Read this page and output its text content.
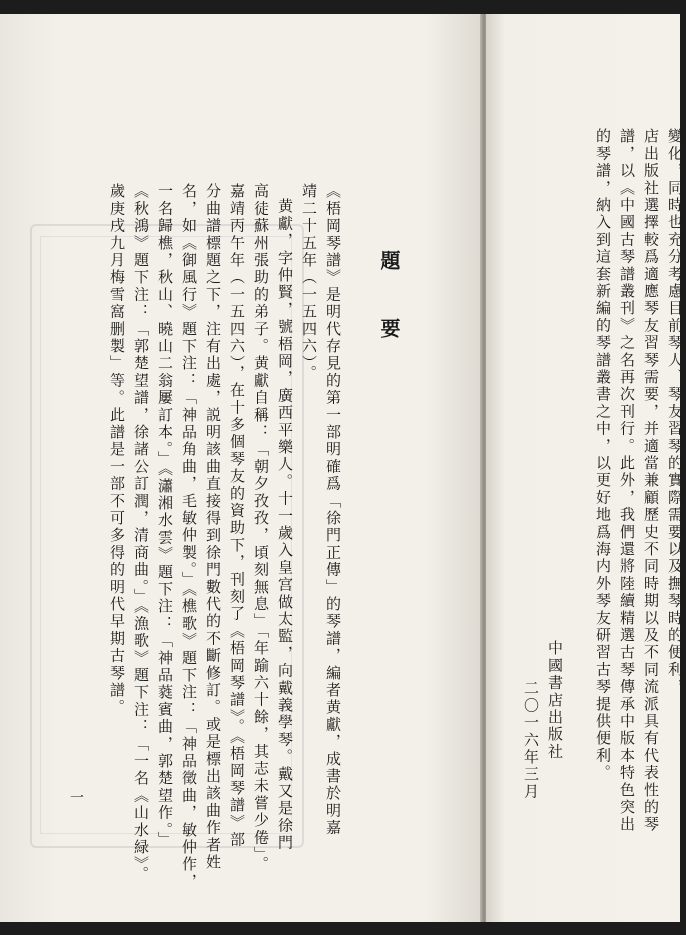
題　要
《梧岡琴譜》是明代存見的第一部明確爲「徐門正傳」的琴譜，編者黄獻，成書於明嘉
靖二十五年（一五四六）。
黄獻，字仲賢，號梧岡，廣西平樂人。十一歲入皇宫做太監，向戴義學琴。戴又是徐門
高徒蘇州張助的弟子。黄獻自稱：「朝夕孜孜，頃刻無息」「年踰六十餘，其志未嘗少倦」。
嘉靖丙午年（一五四六），在十多個琴友的資助下，刊刻了《梧岡琴譜》。《梧岡琴譜》部
分曲譜標題之下，注有出處，説明該曲直接得到徐門數代的不斷修訂。或是標出該曲作者姓
名，如《御風行》題下注：「神品角曲，毛敏仲製。」《樵歌》題下注：「神品徵曲，敏仲作，
一名歸樵，秋山、曉山二翁屢訂本。」《瀟湘水雲》題下注：「神品蕤賓曲，郭楚望作。」
《秋鴻》題下注：「郭楚望譜，徐諸公訂潤，清商曲。」《漁歌》題下注：「一名《山水緑》。
歲庚戌九月梅雪窩删製」等。此譜是一部不可多得的明代早期古琴譜。
一
變化，同時也充分考慮目前琴人、琴友習琴的實際需要以及撫琴時的便利，
店出版社選擇較爲適應琴友習琴需要，并適當兼顧歷史不同時期以及不同流派具有代表性的琴
譜，以《中國古琴譜叢刊》之名再次刊行。此外，我們還將陸續精選古琴傳承中版本特色突出
的琴譜，納入到這套新編的琴譜叢書之中，以更好地爲海内外琴友研習古琴提供便利。
中國書店出版社
二〇一六年三月
